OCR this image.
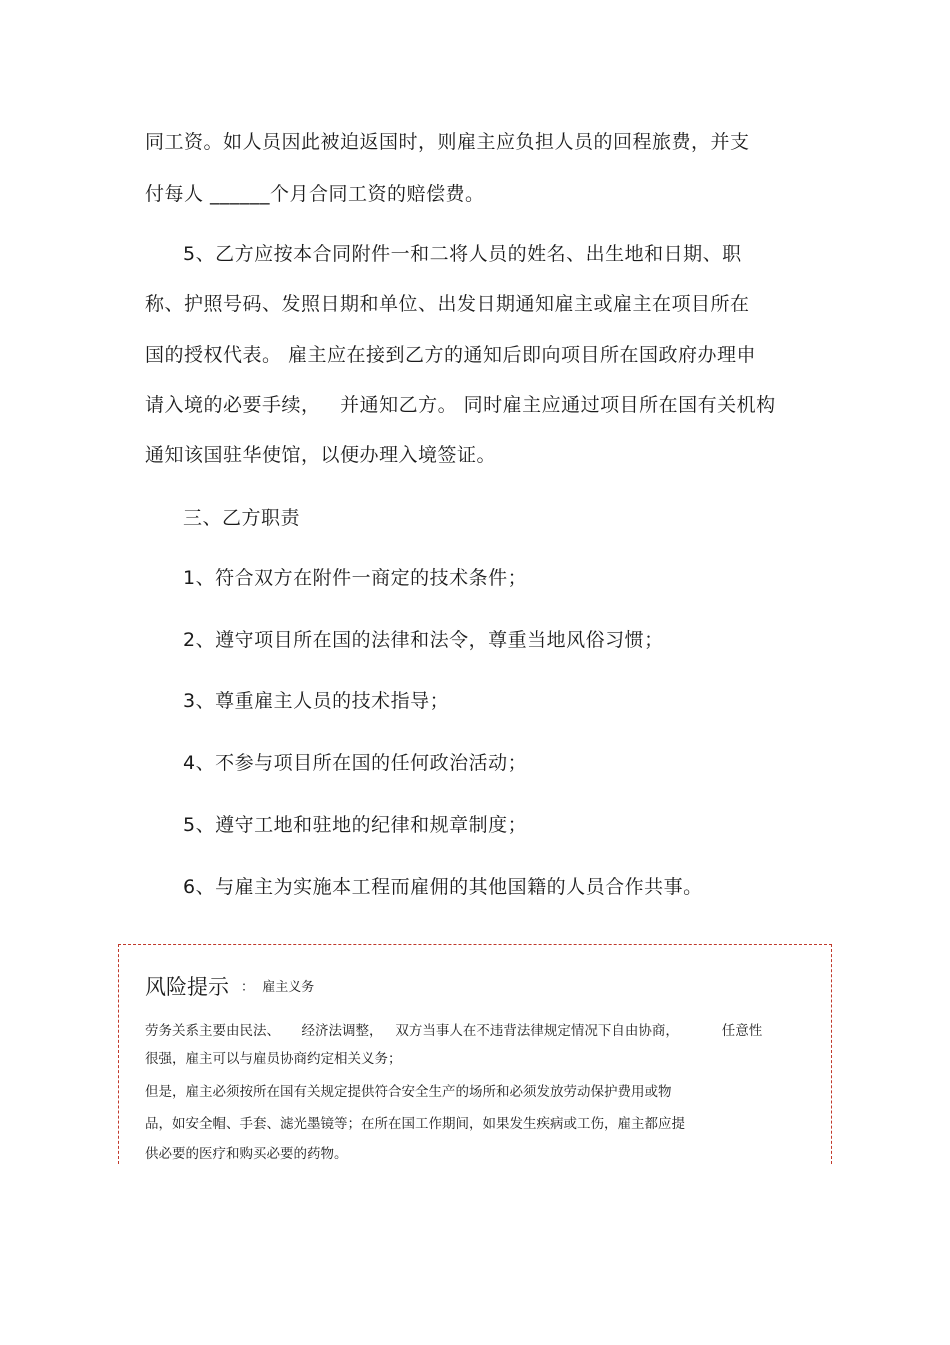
同工资。如人员因此被迫返国时，则雇主应负担人员的回程旅费，并支
付每人 ______个月合同工资的赔偿费。
5、乙方应按本合同附件一和二将人员的姓名、出生地和日期、职
称、护照号码、发照日期和单位、出发日期通知雇主或雇主在项目所在
国的授权代表。 雇主应在接到乙方的通知后即向项目所在国政府办理申
请入境的必要手续，   并通知乙方。 同时雇主应通过项目所在国有关机构
通知该国驻华使馆，以便办理入境签证。
三、乙方职责
1、符合双方在附件一商定的技术条件；
2、遵守项目所在国的法律和法令，尊重当地风俗习惯；
3、尊重雇主人员的技术指导；
4、不参与项目所在国的任何政治活动；
5、遵守工地和驻地的纪律和规章制度；
6、与雇主为实施本工程而雇佣的其他国籍的人员合作共事。
风险提示 ：  雇主义务
劳务关系主要由民法、     经济法调整，   双方当事人在不违背法律规定情况下自由协商，          任意性
很强，雇主可以与雇员协商约定相关义务；
但是，雇主必须按所在国有关规定提供符合安全生产的场所和必须发放劳动保护费用或物
品，如安全帽、手套、滤光墨镜等；在所在国工作期间，如果发生疾病或工伤，雇主都应提
供必要的医疗和购买必要的药物。
